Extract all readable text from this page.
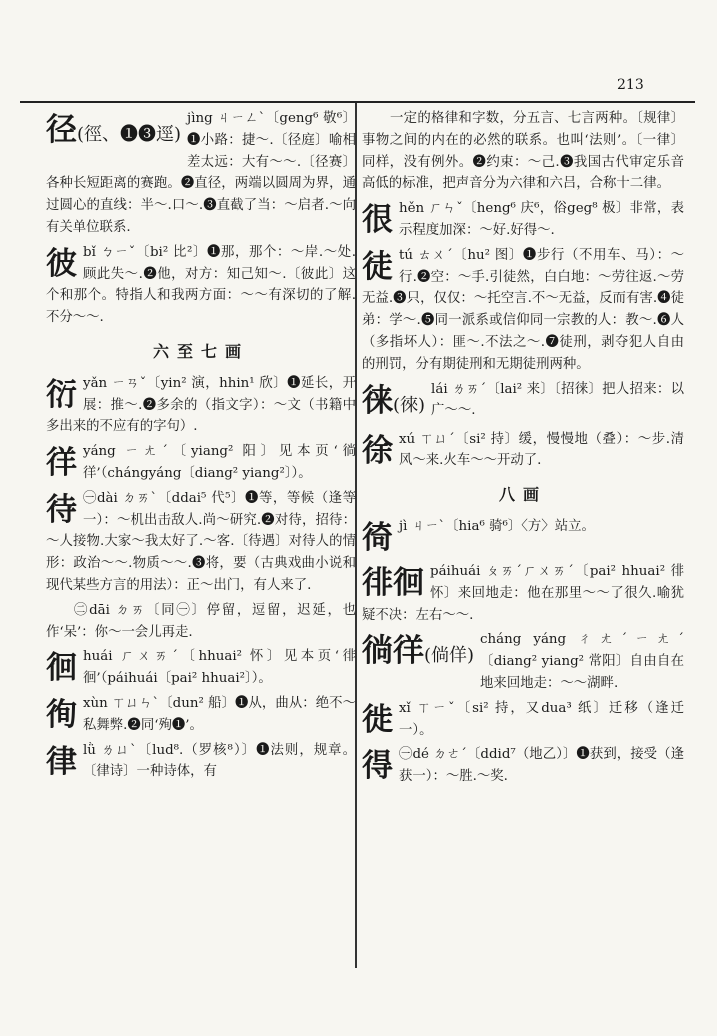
213
径(徑、❶❸逕)
jìng ㄐㄧㄥˋ〔geng⁶ 敬⁶〕❶小路：捷～.〔径庭〕喻相差太远：大有～～.〔径赛〕各种长短距离的赛跑。❷直径，两端以圆周为界，通过圆心的直线：半～.口～.❸直截了当：～启者.～向有关单位联系.
彼bǐ ㄅㄧˇ〔bi² 比²〕❶那，那个：～岸.～处.顾此失～.❷他，对方：知己知～.〔彼此〕这个和那个。特指人和我两方面：～～有深切的了解.不分～～.
六至七画
衍yǎn ㄧㄢˇ〔yin² 演，hhin¹ 欣〕❶延长，开展：推～.❷多余的（指文字）：～文（书籍中多出来的不应有的字句）.
徉yáng ㄧㄤˊ〔yiang² 阳〕见本页‘徜徉’（chángyáng〔diang² yiang²〕）。
待 ㊀dài ㄉㄞˋ〔ddai⁵ 代⁵〕❶等，等候（逢等一）：～机出击敌人.尚～研究.❷对待，招待：～人接物.大家～我太好了.～客.〔待遇〕对待人的情形：政治～～.物质～～.❸将，要（古典戏曲小说和现代某些方言的用法）：正～出门，有人来了.
㊁dāi ㄉㄞ〔同㊀〕停留，逗留，迟延，也作‘呆’：你～一会儿再走.
徊huái ㄏㄨㄞˊ〔hhuai² 怀〕见本页‘徘徊’（páihuái〔pai² hhuai²〕）。
徇xùn ㄒㄩㄣˋ〔dun² 船〕❶从，曲从：绝不～私舞弊.❷同‘殉❶’。
律lǜ ㄌㄩˋ〔lud⁸.（罗核⁸）〕❶法则，规章。〔律诗〕一种诗体，有
一定的格律和字数，分五言、七言两种。〔规律〕事物之间的内在的必然的联系。也叫‘法则’。〔一律〕同样，没有例外。❷约束：～己.❸我国古代审定乐音高低的标准，把声音分为六律和六吕，合称十二律。
很hěn ㄏㄣˇ〔heng⁶ 庆⁶，俗geg⁸ 极〕非常，表示程度加深：～好.好得～.
徒tú ㄊㄨˊ〔hu² 图〕❶步行（不用车、马）：～行.❷空：～手.引徒然，白白地：～劳往返.～劳无益.❸只，仅仅：～托空言.不～无益，反而有害.❹徒弟：学～.❺同一派系或信仰同一宗教的人：教～.❻人（多指坏人）：匪～.不法之～.❼徒刑，剥夺犯人自由的刑罚，分有期徒刑和无期徒刑两种。
徕(徠)
lái ㄌㄞˊ〔lai² 来〕〔招徕〕把人招来：以广～～.
徐xú ㄒㄩˊ〔si² 持〕缓，慢慢地（叠）：～步.清风～来.火车～～开动了.
八画
徛jì ㄐㄧˋ〔hia⁶ 骑⁶〕〈方〉站立。
徘徊 páihuái ㄆㄞˊㄏㄨㄞˊ〔pai² hhuai² 徘怀〕来回地走：他在那里～～了很久.喻犹疑不决：左右～～.
徜徉(倘佯)
cháng yáng ㄔㄤˊㄧㄤˊ〔diang² yiang² 常阳〕自由自在地来回地走：～～湖畔.
徙xǐ ㄒㄧˇ〔si² 持，又dua³ 纸〕迁移（逢迁一）。
得 ㊀dé ㄉㄜˊ〔ddid⁷（地乙）〕❶获到，接受（逢获一）：～胜.～奖.
